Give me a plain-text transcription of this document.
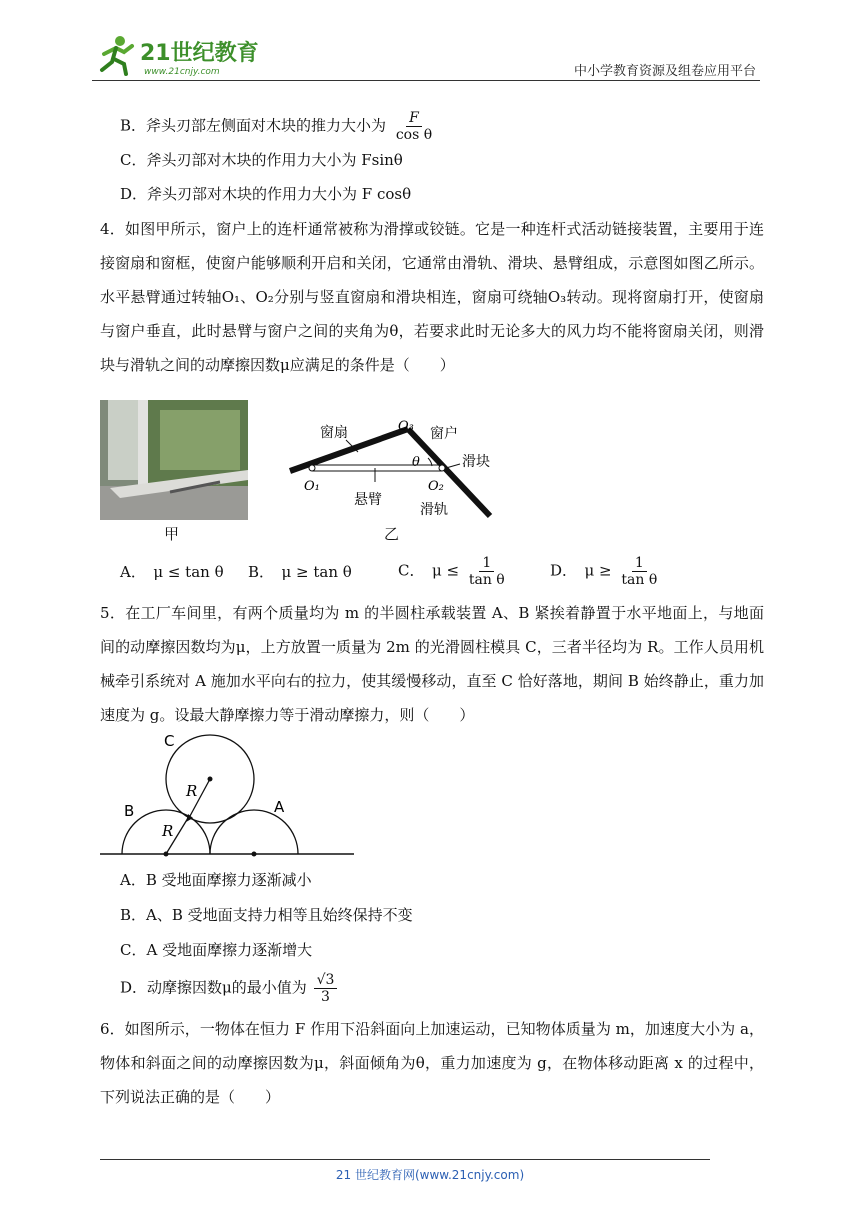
21世纪教育
www.21cnjy.com	中小学教育资源及组卷应用平台
B．斧头刃部左侧面对木块的推力大小为 $\frac{F}{\text{cos θ}}$
C．斧头刃部对木块的作用力大小为 Fsinθ
D．斧头刃部对木块的作用力大小为 F cosθ
4．如图甲所示，窗户上的连杆通常被称为滑撑或铰链。它是一种连杆式活动链接装置，主要用于连接窗扇和窗框，使窗户能够顺利开启和关闭，它通常由滑轨、滑块、悬臂组成，示意图如图乙所示。水平悬臂通过转轴O₁、O₂分别与竖直窗扇和滑块相连，窗扇可绕轴O₃转动。现将窗扇打开，使窗扇与窗户垂直，此时悬臂与窗户之间的夹角为θ，若要求此时无论多大的风力均不能将窗扇关闭，则滑块与滑轨之间的动摩擦因数μ应满足的条件是（　　）
甲
窗扇	O₃ 窗户
θ	滑块
O₁	O₂
悬臂
滑轨
乙
A．　μ ≤ tan θ B．　μ ≥ tan θ	C．　$\mu \le \frac{1}{\text{tan θ}}$	D．　$\mu \ge \frac{1}{\text{tan θ}}$
5．在工厂车间里，有两个质量均为 m 的半圆柱承载装置 A、B 紧挨着静置于水平地面上，与地面间的动摩擦因数均为μ，上方放置一质量为 2m 的光滑圆柱模具 C，三者半径均为 R。工作人员用机械牵引系统对 A 施加水平向右的拉力，使其缓慢移动，直至 C 恰好落地，期间 B 始终静止，重力加速度为 g。设最大静摩擦力等于滑动摩擦力，则（　　）
C
B	A
R
R
A．B 受地面摩擦力逐渐减小
B．A、B 受地面支持力相等且始终保持不变
C．A 受地面摩擦力逐渐增大
D．动摩擦因数μ的最小值为 $\frac{√3}{3}$
6．如图所示，一物体在恒力 F 作用下沿斜面向上加速运动，已知物体质量为 m，加速度大小为 a，物体和斜面之间的动摩擦因数为μ，斜面倾角为θ，重力加速度为 g，在物体移动距离 x 的过程中，下列说法正确的是（　　）
21 世纪教育网(www.21cnjy.com)
